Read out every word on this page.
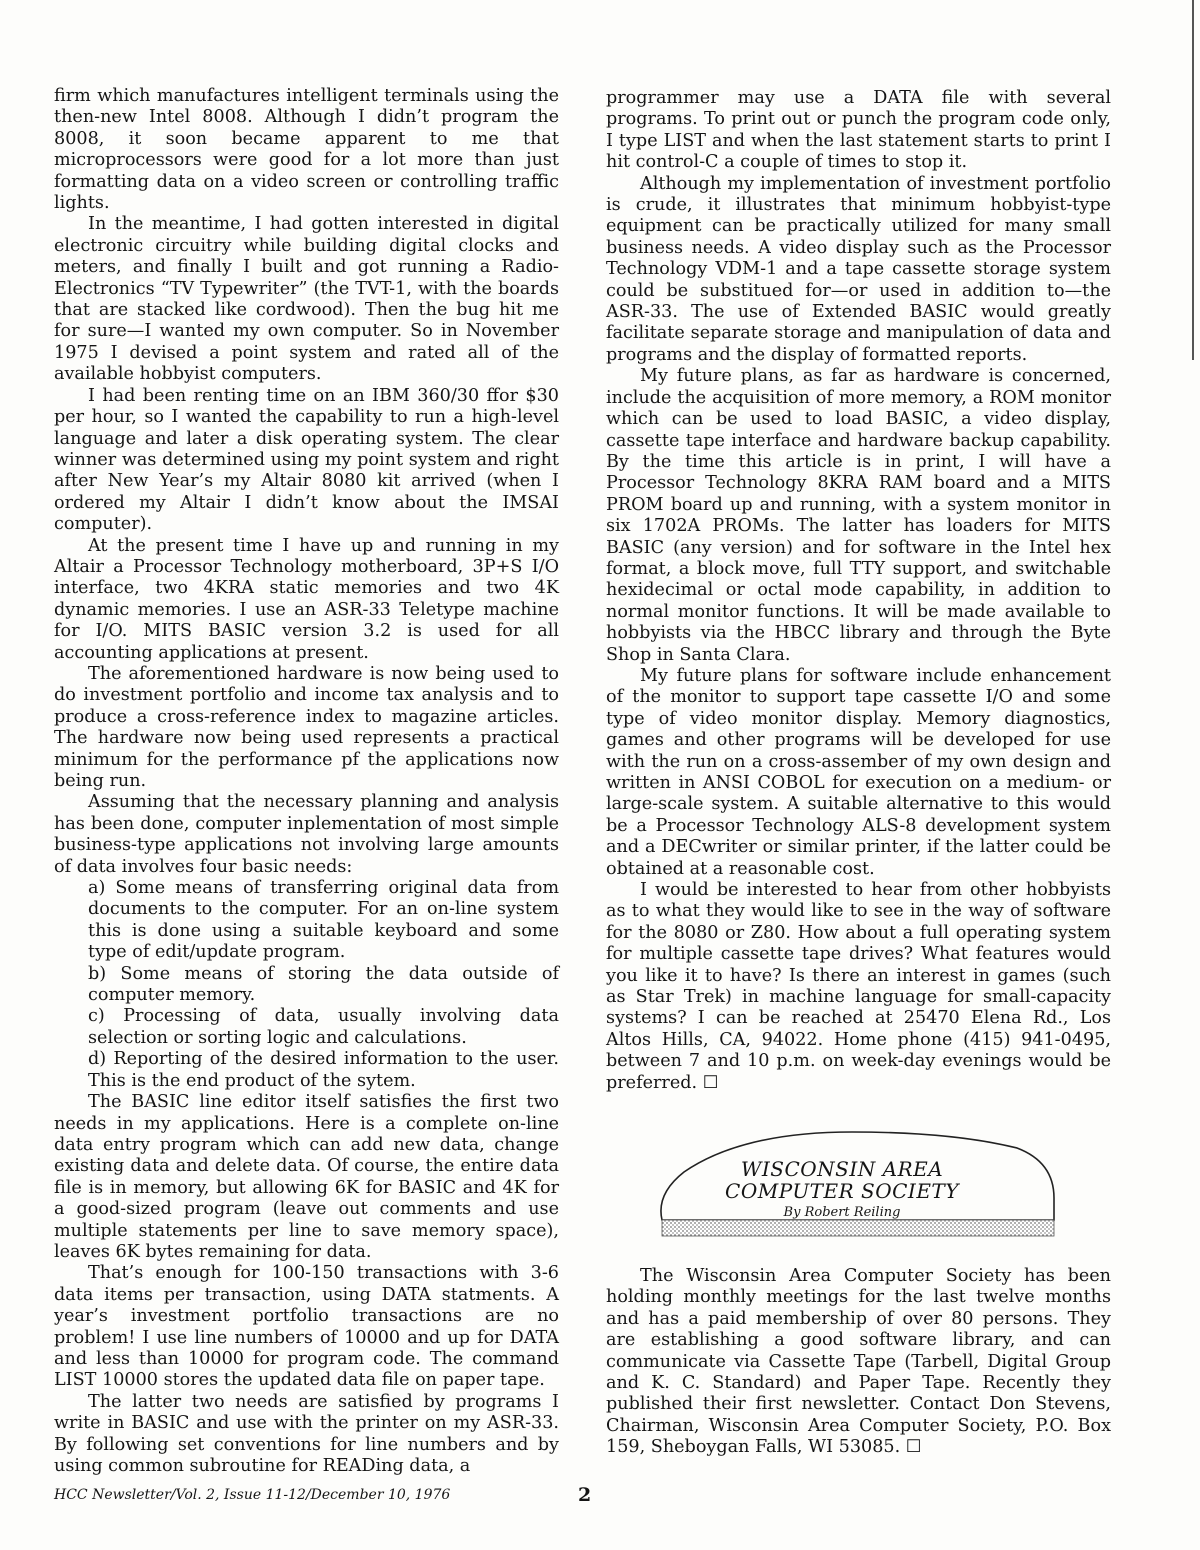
firm which manufactures intelligent terminals using the then-new Intel 8008. Although I didn’t program the 8008, it soon became apparent to me that microprocessors were good for a lot more than just formatting data on a video screen or controlling traffic lights.

In the meantime, I had gotten interested in digital electronic circuitry while building digital clocks and meters, and finally I built and got running a Radio-Electronics “TV Typewriter” (the TVT-1, with the boards that are stacked like cordwood). Then the bug hit me for sure—I wanted my own computer. So in November 1975 I devised a point system and rated all of the available hobbyist computers.

I had been renting time on an IBM 360/30 ffor $30 per hour, so I wanted the capability to run a high-level language and later a disk operating system. The clear winner was determined using my point system and right after New Year’s my Altair 8080 kit arrived (when I ordered my Altair I didn’t know about the IMSAI computer).

At the present time I have up and running in my Altair a Processor Technology motherboard, 3P+S I/O interface, two 4KRA static memories and two 4K dynamic memories. I use an ASR-33 Teletype machine for I/O. MITS BASIC version 3.2 is used for all accounting applications at present.

The aforementioned hardware is now being used to do investment portfolio and income tax analysis and to produce a cross-reference index to magazine articles. The hardware now being used represents a practical minimum for the performance pf the applications now being run.

Assuming that the necessary planning and analysis has been done, computer inplementation of most simple business-type applications not involving large amounts of data involves four basic needs:

a) Some means of transferring original data from documents to the computer. For an on-line system this is done using a suitable keyboard and some type of edit/update program.

b) Some means of storing the data outside of computer memory.

c) Processing of data, usually involving data selection or sorting logic and calculations.

d) Reporting of the desired information to the user. This is the end product of the sytem.

The BASIC line editor itself satisfies the first two needs in my applications. Here is a complete on-line data entry program which can add new data, change existing data and delete data. Of course, the entire data file is in memory, but allowing 6K for BASIC and 4K for a good-sized program (leave out comments and use multiple statements per line to save memory space), leaves 6K bytes remaining for data.

That’s enough for 100-150 transactions with 3-6 data items per transaction, using DATA statments. A year’s investment portfolio transactions are no problem! I use line numbers of 10000 and up for DATA and less than 10000 for program code. The command LIST 10000 stores the updated data file on paper tape.

The latter two needs are satisfied by programs I write in BASIC and use with the printer on my ASR-33. By following set conventions for line numbers and by using common subroutine for READing data, a

programmer may use a DATA file with several programs. To print out or punch the program code only, I type LIST and when the last statement starts to print I hit control-C a couple of times to stop it.

Although my implementation of investment portfolio is crude, it illustrates that minimum hobbyist-type equipment can be practically utilized for many small business needs. A video display such as the Processor Technology VDM-1 and a tape cassette storage system could be substitued for—or used in addition to—the ASR-33. The use of Extended BASIC would greatly facilitate separate storage and manipulation of data and programs and the display of formatted reports.

My future plans, as far as hardware is concerned, include the acquisition of more memory, a ROM monitor which can be used to load BASIC, a video display, cassette tape interface and hardware backup capability. By the time this article is in print, I will have a Processor Technology 8KRA RAM board and a MITS PROM board up and running, with a system monitor in six 1702A PROMs. The latter has loaders for MITS BASIC (any version) and for software in the Intel hex format, a block move, full TTY support, and switchable hexidecimal or octal mode capability, in addition to normal monitor functions. It will be made available to hobbyists via the HBCC library and through the Byte Shop in Santa Clara.

My future plans for software include enhancement of the monitor to support tape cassette I/O and some type of video monitor display. Memory diagnostics, games and other programs will be developed for use with the run on a cross-assember of my own design and written in ANSI COBOL for execution on a medium- or large-scale system. A suitable alternative to this would be a Processor Technology ALS-8 development system and a DECwriter or similar printer, if the latter could be obtained at a reasonable cost.

I would be interested to hear from other hobbyists as to what they would like to see in the way of software for the 8080 or Z80. How about a full operating system for multiple cassette tape drives? What features would you like it to have? Is there an interest in games (such as Star Trek) in machine language for small-capacity systems? I can be reached at 25470 Elena Rd., Los Altos Hills, CA, 94022. Home phone (415) 941-0495, between 7 and 10 p.m. on week-day evenings would be preferred. ☐

WISCONSIN AREA
COMPUTER SOCIETY
By Robert Reiling

The Wisconsin Area Computer Society has been holding monthly meetings for the last twelve months and has a paid membership of over 80 persons. They are establishing a good software library, and can communicate via Cassette Tape (Tarbell, Digital Group and K. C. Standard) and Paper Tape. Recently they published their first newsletter. Contact Don Stevens, Chairman, Wisconsin Area Computer Society, P.O. Box 159, Sheboygan Falls, WI 53085. ☐

HCC Newsletter/Vol. 2, Issue 11-12/December 10, 1976	2
